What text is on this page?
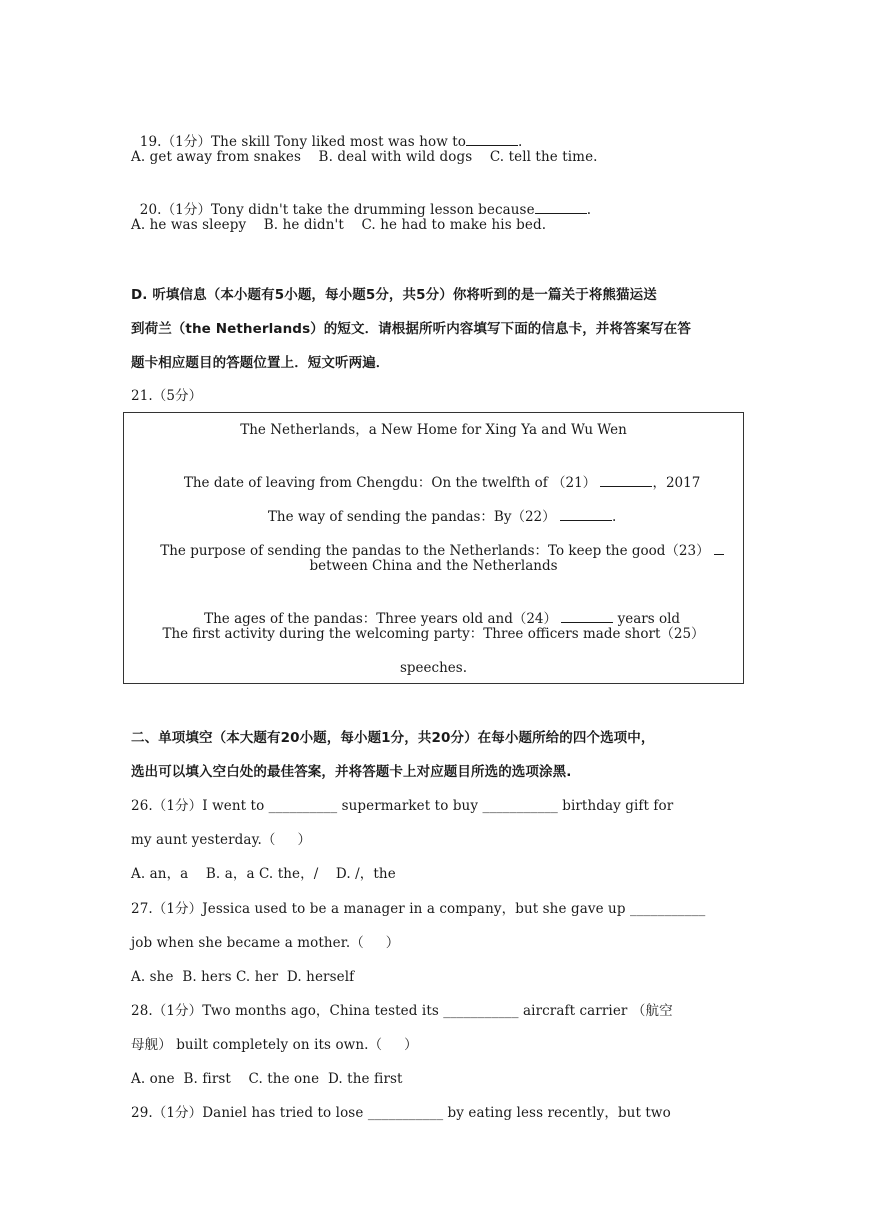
19.（1分）The skill Tony liked most was how to	.

A. get away from snakes    B. deal with wild dogs    C. tell the time.

20.（1分）Tony didn't take the drumming lesson because	.

A. he was sleepy    B. he didn't    C. he had to make his bed.
D. 听填信息（本小题有5小题，每小题5分，共5分）你将听到的是一篇关于将熊猫运送
到荷兰（the Netherlands）的短文．请根据所听内容填写下面的信息卡，并将答案写在答
题卡相应题目的答题位置上．短文听两遍．
21.（5分）
The Netherlands，a New Home for Xing Ya and Wu Wen

The date of leaving from Chengdu：On the twelfth of （21）	，2017

The way of sending the pandas：By（22）	.

The purpose of sending the pandas to the Netherlands：To keep the good（23）

between China and the Netherlands

The ages of the pandas：Three years old and（24）	years old

The first activity during the welcoming party：Three officers made short（25）
speeches.
二、单项填空（本大题有20小题，每小题1分，共20分）在每小题所给的四个选项中，
选出可以填入空白处的最佳答案，并将答题卡上对应题目所选的选项涂黑.
26.（1分）I went to __________ supermarket to buy ___________ birthday gift for
my aunt yesterday.（     ）
A. an，a    B. a，a C. the，/    D. /，the
27.（1分）Jessica used to be a manager in a company，but she gave up ___________
job when she became a mother.（     ）
A. she  B. hers C. her  D. herself
28.（1分）Two months ago，China tested its ___________ aircraft carrier （航空
母舰） built completely on its own.（     ）
A. one  B. first    C. the one  D. the first
29.（1分）Daniel has tried to lose ___________ by eating less recently，but two
